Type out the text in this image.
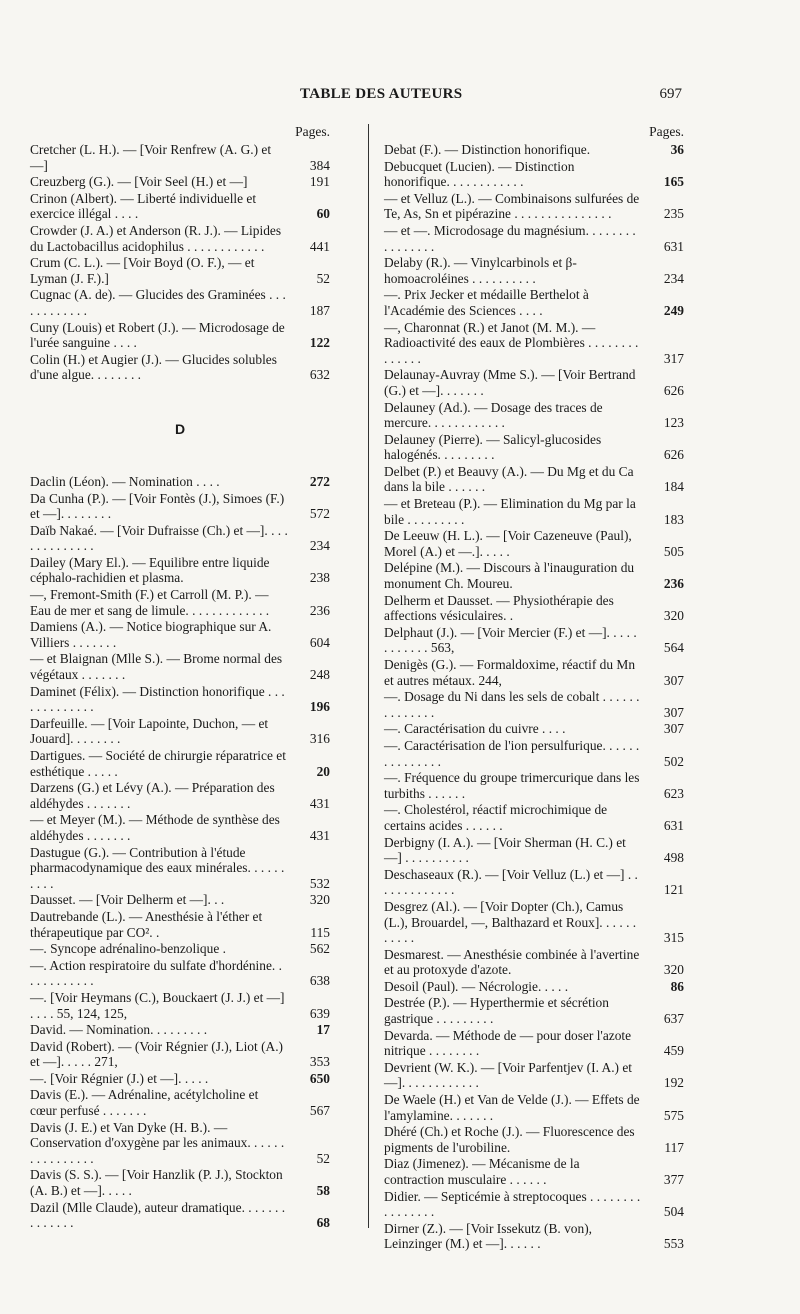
TABLE DES AUTEURS	697
Pages.
Cretcher (L. H.). — [Voir Renfrew (A. G.) et —]	384
Creuzberg (G.). — [Voir Seel (H.) et —]	191
Crinon (Albert). — Liberté individuelle et exercice illégal . . . .	60
Crowder (J. A.) et Anderson (R. J.). — Lipides du Lactobacillus acidophilus . . . . . . . . . . . .	441
Crum (C. L.). — [Voir Boyd (O. F.), — et Lyman (J. F.).]	52
Cugnac (A. de). — Glucides des Graminées . . . . . . . . . . . .	187
Cuny (Louis) et Robert (J.). — Microdosage de l'urée sanguine . . . .	122
Colin (H.) et Augier (J.). — Glucides solubles d'une algue. . . . . . . .	632
D
Daclin (Léon). — Nomination . . . .	272
Da Cunha (P.). — [Voir Fontès (J.), Simoes (F.) et —]. . . . . . . .	572
Daïb Nakaé. — [Voir Dufraisse (Ch.) et —]. . . . . . . . . . . . . .	234
Dailey (Mary El.). — Equilibre entre liquide céphalo-rachidien et plasma.	238
—, Fremont-Smith (F.) et Carroll (M. P.). — Eau de mer et sang de limule. . . . . . . . . . . . .	236
Damiens (A.). — Notice biographique sur A. Villiers . . . . . . .	604
— et Blaignan (Mlle S.). — Brome normal des végétaux . . . . . . .	248
Daminet (Félix). — Distinction honorifique . . . . . . . . . . . . .	196
Darfeuille. — [Voir Lapointe, Duchon, — et Jouard]. . . . . . . .	316
Dartigues. — Société de chirurgie réparatrice et esthétique . . . . .	20
Darzens (G.) et Lévy (A.). — Préparation des aldéhydes . . . . . . .	431
— et Meyer (M.). — Méthode de synthèse des aldéhydes . . . . . . .	431
Dastugue (G.). — Contribution à l'étude pharmacodynamique des eaux minérales. . . . . . . . . .	532
Dausset. — [Voir Delherm et —]. . .	320
Dautrebande (L.). — Anesthésie à l'éther et thérapeutique par CO². .	115
—. Syncope adrénalino-benzolique .	562
—. Action respiratoire du sulfate d'hordénine. . . . . . . . . . . .	638
—. [Voir Heymans (C.), Bouckaert (J. J.) et —] . . . . 55, 124, 125,	639
David. — Nomination. . . . . . . . .	17
David (Robert). — (Voir Régnier (J.), Liot (A.) et —]. . . . . 271,	353
—. [Voir Régnier (J.) et —]. . . . .	650
Davis (E.). — Adrénaline, acétylcholine et cœur perfusé . . . . . . .	567
Davis (J. E.) et Van Dyke (H. B.). — Conservation d'oxygène par les animaux. . . . . . . . . . . . . . . .	52
Davis (S. S.). — [Voir Hanzlik (P. J.), Stockton (A. B.) et —]. . . . .	58
Dazil (Mlle Claude), auteur dramatique. . . . . . . . . . . . . .	68
Pages.
Debat (F.). — Distinction honorifique.	36
Debucquet (Lucien). — Distinction honorifique. . . . . . . . . . . .	165
— et Velluz (L.). — Combinaisons sulfurées de Te, As, Sn et pipérazine . . . . . . . . . . . . . . .	235
— et —. Microdosage du magnésium. . . . . . . . . . . . . . . .	631
Delaby (R.). — Vinylcarbinols et β-homoacroléines . . . . . . . . . .	234
—. Prix Jecker et médaille Berthelot à l'Académie des Sciences . . . .	249
—, Charonnat (R.) et Janot (M. M.). — Radioactivité des eaux de Plombières . . . . . . . . . . . . . .	317
Delaunay-Auvray (Mme S.). — [Voir Bertrand (G.) et —]. . . . . . .	626
Delauney (Ad.). — Dosage des traces de mercure. . . . . . . . . . . .	123
Delauney (Pierre). — Salicyl-glucosides halogénés. . . . . . . . .	626
Delbet (P.) et Beauvy (A.). — Du Mg et du Ca dans la bile . . . . . .	184
— et Breteau (P.). — Elimination du Mg par la bile . . . . . . . . .	183
De Leeuw (H. L.). — [Voir Cazeneuve (Paul), Morel (A.) et —.]. . . . .	505
Delépine (M.). — Discours à l'inauguration du monument Ch. Moureu.	236
Delherm et Dausset. — Physiothérapie des affections vésiculaires. .	320
Delphaut (J.). — [Voir Mercier (F.) et —]. . . . . . . . . . . . 563,	564
Denigès (G.). — Formaldoxime, réactif du Mn et autres métaux. 244,	307
—. Dosage du Ni dans les sels de cobalt . . . . . . . . . . . . . .	307
—. Caractérisation du cuivre . . . .	307
—. Caractérisation de l'ion persulfurique. . . . . . . . . . . . . . .	502
—. Fréquence du groupe trimercurique dans les turbiths . . . . . .	623
—. Cholestérol, réactif microchimique de certains acides . . . . . .	631
Derbigny (I. A.). — [Voir Sherman (H. C.) et —] . . . . . . . . . .	498
Deschaseaux (R.). — [Voir Velluz (L.) et —] . . . . . . . . . . . . .	121
Desgrez (Al.). — [Voir Dopter (Ch.), Camus (L.), Brouardel, —, Balthazard et Roux]. . . . . . . . . . .	315
Desmarest. — Anesthésie combinée à l'avertine et au protoxyde d'azote.	320
Desoil (Paul). — Nécrologie. . . . .	86
Destrée (P.). — Hyperthermie et sécrétion gastrique . . . . . . . . .	637
Devarda. — Méthode de — pour doser l'azote nitrique . . . . . . . .	459
Devrient (W. K.). — [Voir Parfentjev (I. A.) et —]. . . . . . . . . . . .	192
De Waele (H.) et Van de Velde (J.). — Effets de l'amylamine. . . . . . .	575
Dhéré (Ch.) et Roche (J.). — Fluorescence des pigments de l'urobiline.	117
Diaz (Jimenez). — Mécanisme de la contraction musculaire . . . . . .	377
Didier. — Septicémie à streptocoques . . . . . . . . . . . . . . . .	504
Dirner (Z.). — [Voir Issekutz (B. von), Leinzinger (M.) et —]. . . . . .	553
